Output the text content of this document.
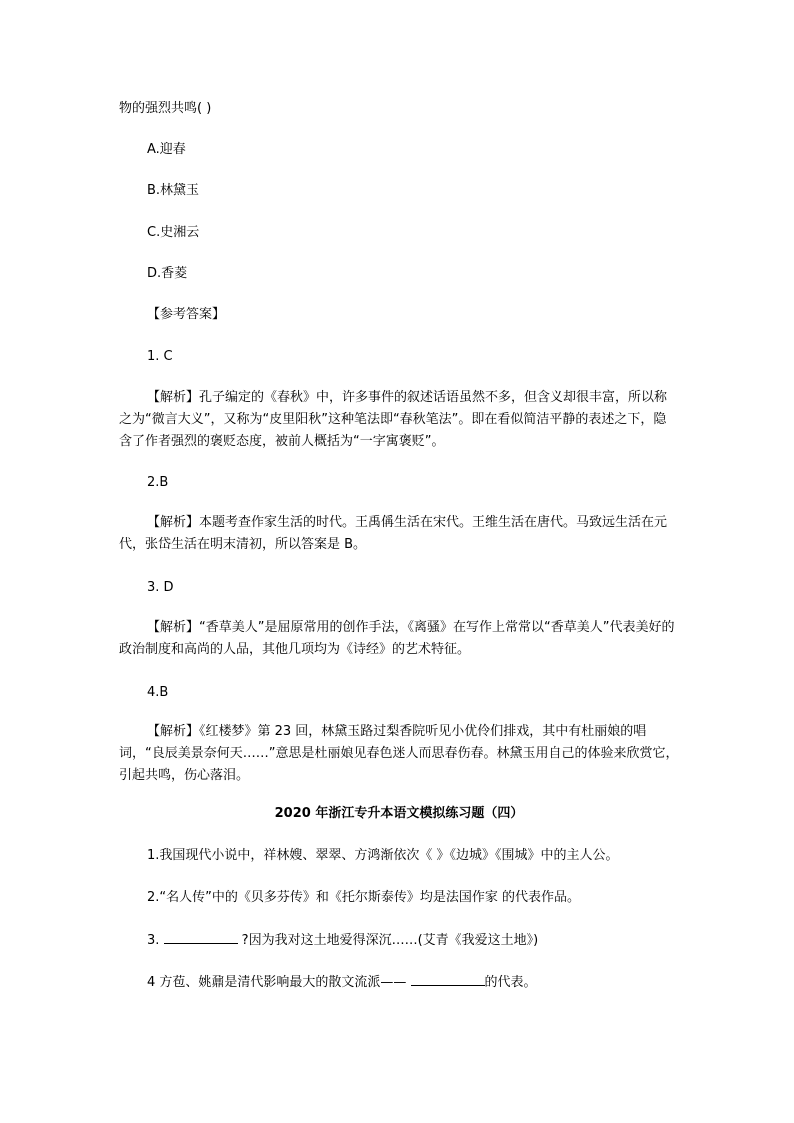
物的强烈共鸣( )
A.迎春
B.林黛玉
C.史湘云
D.香菱
【参考答案】
1. C
【解析】孔子编定的《春秋》中，许多事件的叙述话语虽然不多，但含义却很丰富，所以称之为“微言大义”，又称为“皮里阳秋”这种笔法即“春秋笔法”。即在看似简洁平静的表述之下，隐含了作者强烈的褒贬态度，被前人概括为“一字寓褒贬”。
2.B
【解析】本题考查作家生活的时代。王禹偁生活在宋代。王维生活在唐代。马致远生活在元代，张岱生活在明末清初，所以答案是 B。
3. D
【解析】“香草美人”是屈原常用的创作手法，《离骚》在写作上常常以“香草美人”代表美好的政治制度和高尚的人品，其他几项均为《诗经》的艺术特征。
4.B
【解析】《红楼梦》第 23 回，林黛玉路过梨香院听见小优伶们排戏，其中有杜丽娘的唱词，“良辰美景奈何天……”意思是杜丽娘见春色迷人而思春伤春。林黛玉用自己的体验来欣赏它，引起共鸣，伤心落泪。
2020 年浙江专升本语文模拟练习题（四）
1.我国现代小说中，祥林嫂、翠翠、方鸿渐依次《 》《边城》《围城》中的主人公。
2.“名人传”中的《贝多芬传》和《托尔斯泰传》均是法国作家 的代表作品。
3.	?因为我对这土地爱得深沉……(艾青《我爱这土地》)
4 方苞、姚鼐是清代影响最大的散文流派——	的代表。
